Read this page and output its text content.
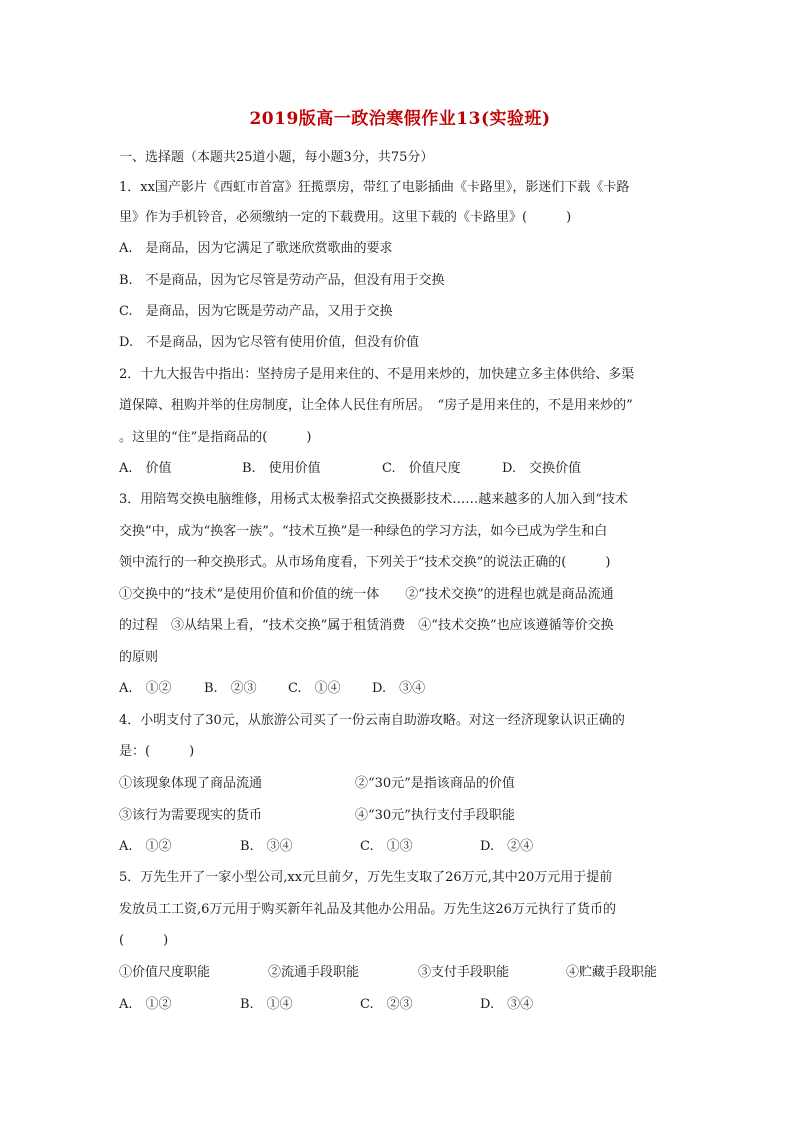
2019版高一政治寒假作业13(实验班)
一、选择题（本题共25道小题，每小题3分，共75分）
1．xx国产影片《西虹市首富》狂揽票房，带红了电影插曲《卡路里》，影迷们下载《卡路
里》作为手机铃音，必须缴纳一定的下载费用。这里下载的《卡路里》(　　　)
A.　是商品，因为它满足了歌迷欣赏歌曲的要求
B.　不是商品，因为它尽管是劳动产品，但没有用于交换
C.　是商品，因为它既是劳动产品，又用于交换
D.　不是商品，因为它尽管有使用价值，但没有价值
2．十九大报告中指出：坚持房子是用来住的、不是用来炒的，加快建立多主体供给、多渠
道保障、租购并举的住房制度，让全体人民住有所居。　“房子是用来住的，不是用来炒的”
。这里的“住”是指商品的(　　　)
A.　价值	B.　使用价值	C.　价值尺度	D.　交换价值
3．用陪驾交换电脑维修，用杨式太极拳招式交换摄影技术……越来越多的人加入到“技术
交换”中，成为“换客一族”。“技术互换”是一种绿色的学习方法，如今已成为学生和白
领中流行的一种交换形式。从市场角度看，下列关于“技术交换”的说法正确的(　　　)
①交换中的“技术”是使用价值和价值的统一体　　②“技术交换”的进程也就是商品流通
的过程　③从结果上看，“技术交换”属于租赁消费　④“技术交换”也应该遵循等价交换
的原则
A.　①② B.　②③ C.　①④ D.　③④
4．小明支付了30元，从旅游公司买了一份云南自助游攻略。对这一经济现象认识正确的
是：(　　　)
①该现象体现了商品流通	②“30元”是指该商品的价值
③该行为需要现实的货币	④“30元”执行支付手段职能
A.　①②	B.　③④	C.　①③	D.　②④
5．万先生开了一家小型公司,xx元旦前夕，万先生支取了26万元,其中20万元用于提前
发放员工工资,6万元用于购买新年礼品及其他办公用品。万先生这26万元执行了货币的
(　　　)
①价值尺度职能	②流通手段职能	③支付手段职能	④贮藏手段职能
A.　①②	B.　①④	C.　②③	D.　③④
